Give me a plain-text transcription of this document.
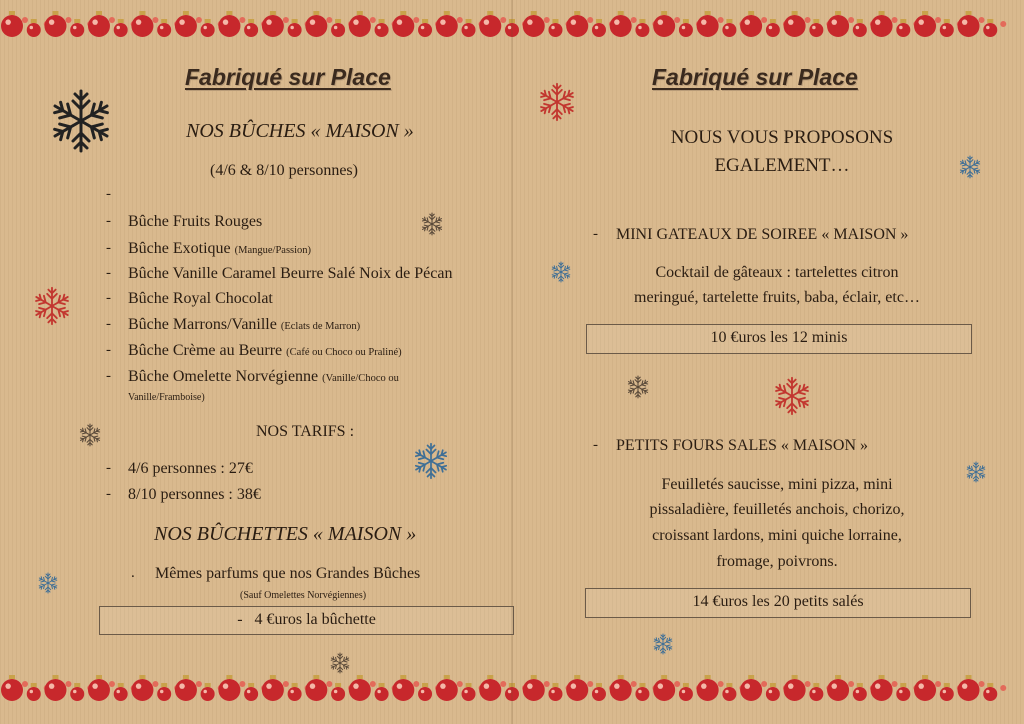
Fabriqué sur Place
NOS BÛCHES « MAISON »
(4/6 & 8/10 personnes)
-
- Bûche Fruits Rouges
- Bûche Exotique (Mangue/Passion)
- Bûche Vanille Caramel Beurre Salé Noix de Pécan
- Bûche Royal Chocolat
- Bûche Marrons/Vanille (Eclats de Marron)
- Bûche Crème au Beurre (Café ou Choco ou Praliné)
- Bûche Omelette Norvégienne (Vanille/Choco ou
Vanille/Framboise)
NOS TARIFS :
- 4/6 personnes : 27€
- 8/10 personnes : 38€
NOS BÛCHETTES « MAISON »
. Mêmes parfums que nos Grandes Bûches
(Sauf Omelettes Norvégiennes)
-   4 €uros la bûchette
Fabriqué sur Place
NOUS VOUS PROPOSONS
EGALEMENT…
- MINI GATEAUX DE SOIREE « MAISON »
Cocktail de gâteaux : tartelettes citron
meringué, tartelette fruits, baba, éclair, etc…
10 €uros les 12 minis
- PETITS FOURS SALES « MAISON »
Feuilletés saucisse, mini pizza, mini
pissaladière, feuilletés anchois, chorizo,
croissant lardons, mini quiche lorraine,
fromage, poivrons.
14 €uros les 20 petits salés
